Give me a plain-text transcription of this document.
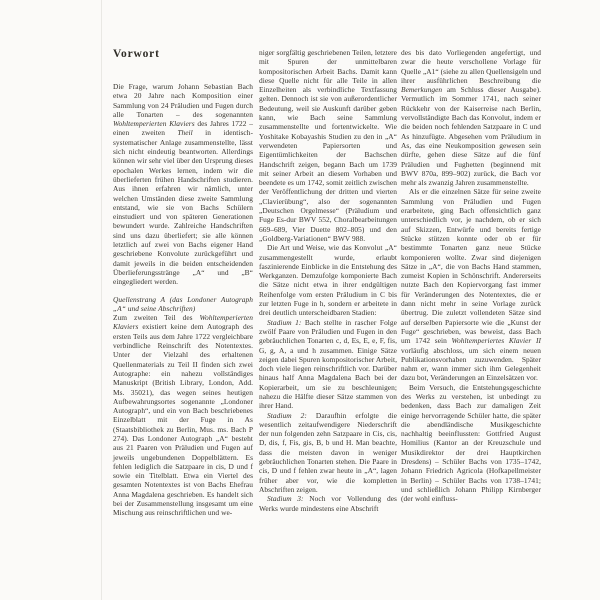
Vorwort

Die Frage, warum Johann Sebastian Bach etwa 20 Jahre nach Komposition einer Sammlung von 24 Präludien und Fugen durch alle Tonarten – des sogenannten Wohltemperierten Klaviers des Jahres 1722 – einen zweiten Theil in identisch-systematischer Anlage zusammenstellte, lässt sich nicht eindeutig beantworten. Allerdings können wir sehr viel über den Ursprung dieses epochalen Werkes lernen, indem wir die überlieferten frühen Handschriften studieren. Aus ihnen erfahren wir nämlich, unter welchen Umständen diese zweite Sammlung entstand, wie sie von Bachs Schülern einstudiert und von späteren Generationen bewundert wurde. Zahlreiche Handschriften sind uns dazu überliefert; sie alle können letztlich auf zwei von Bachs eigener Hand geschriebene Konvolute zurückgeführt und damit jeweils in die beiden entscheidenden Überlieferungsstränge „A“ und „B“ eingegliedert werden.

Quellenstrang A (das Londoner Autograph „A“ und seine Abschriften)

Zum zweiten Teil des Wohltemperierten Klaviers existiert keine dem Autograph des ersten Teils aus dem Jahre 1722 vergleichbare verbindliche Reinschrift des Notentextes. Unter der Vielzahl des erhaltenen Quellenmaterials zu Teil II finden sich zwei Autographe: ein nahezu vollständiges Manuskript (British Library, London, Add. Ms. 35021), das wegen seines heutigen Aufbewahrungsortes sogenannte „Londoner Autograph“, und ein von Bach beschriebenes Einzelblatt mit der Fuge in As (Staatsbibliothek zu Berlin, Mus. ms. Bach P 274). Das Londoner Autograph „A“ besteht aus 21 Paaren von Präludien und Fugen auf jeweils ungebundenen Doppelblättern. Es fehlen lediglich die Satzpaare in cis, D und f sowie ein Titelblatt. Etwa ein Viertel des gesamten Notentextes ist von Bachs Ehefrau Anna Magdalena geschrieben. Es handelt sich bei der Zusammenstellung insgesamt um eine Mischung aus reinschriftlichen und we-

niger sorgfältig geschriebenen Teilen, letztere mit Spuren der unmittelbaren kompositorischen Arbeit Bachs. Damit kann diese Quelle nicht für alle Teile in allen Einzelheiten als verbindliche Textfassung gelten. Dennoch ist sie von außerordentlicher Bedeutung, weil sie Auskunft darüber geben kann, wie Bach seine Sammlung zusammenstellte und fortentwickelte. Wie Yoshitake Kobayashis Studien zu den in „A“ verwendeten Papiersorten und Eigentümlichkeiten der Bachschen Handschrift zeigen, begann Bach um 1739 mit seiner Arbeit an diesem Vorhaben und beendete es um 1742, somit zeitlich zwischen der Veröffentlichung der dritten und vierten „Clavierübung“, also der sogenannten „Deutschen Orgelmesse“ (Präludium und Fuge Es-dur BWV 552, Choralbearbeitungen 669–689, Vier Duette 802–805) und den „Goldberg-Variationen“ BWV 988.

Die Art und Weise, wie das Konvolut „A“ zusammengestellt wurde, erlaubt faszinierende Einblicke in die Entstehung des Werkganzen. Demzufolge komponierte Bach die Sätze nicht etwa in ihrer endgültigen Reihenfolge vom ersten Präludium in C bis zur letzten Fuge in h, sondern er arbeitete in drei deutlich unterscheidbaren Stadien:

Stadium 1: Bach stellte in rascher Folge zwölf Paare von Präludien und Fugen in den gebräuchlichen Tonarten c, d, Es, E, e, F, fis, G, g, A, a und h zusammen. Einige Sätze zeigen dabei Spuren kompositorischer Arbeit, doch viele liegen reinschriftlich vor. Darüber hinaus half Anna Magdalena Bach bei der Kopierarbeit, um sie zu beschleunigen; nahezu die Hälfte dieser Sätze stammen von ihrer Hand.

Stadium 2: Daraufhin erfolgte die wesentlich zeitaufwendigere Niederschrift der nun folgenden zehn Satzpaare in Cis, cis, D, dis, f, Fis, gis, B, b und H. Man beachte, dass die meisten davon in weniger gebräuchlichen Tonarten stehen. Die Paare in cis, D und f fehlen zwar heute in „A“, lagen früher aber vor, wie die kompletten Abschriften zeigen.

Stadium 3: Noch vor Vollendung des Werks wurde mindestens eine Abschrift

des bis dato Vorliegenden angefertigt, und zwar die heute verschollene Vorlage für Quelle „A1“ (siehe zu allen Quellensigeln und ihrer ausführlichen Beschreibung die Bemerkungen am Schluss dieser Ausgabe). Vermutlich im Sommer 1741, nach seiner Rückkehr von der Kaiserreise nach Berlin, vervollständigte Bach das Konvolut, indem er die beiden noch fehlenden Satzpaare in C und As hinzufügte. Abgesehen vom Präludium in As, das eine Neukomposition gewesen sein dürfte, gehen diese Sätze auf die fünf Präludien und Fughetten (beginnend mit BWV 870a, 899–902) zurück, die Bach vor mehr als zwanzig Jahren zusammenstellte.

Als er die einzelnen Sätze für seine zweite Sammlung von Präludien und Fugen erarbeitete, ging Bach offensichtlich ganz unterschiedlich vor, je nachdem, ob er sich auf Skizzen, Entwürfe und bereits fertige Stücke stützen konnte oder ob er für bestimmte Tonarten ganz neue Stücke komponieren wollte. Zwar sind diejenigen Sätze in „A“, die von Bachs Hand stammen, zumeist Kopien in Schönschrift. Andererseits nutzte Bach den Kopiervorgang fast immer für Veränderungen des Notentextes, die er dann nicht mehr in seine Vorlage zurück übertrug. Die zuletzt vollendeten Sätze sind auf derselben Papiersorte wie die „Kunst der Fuge“ geschrieben, was beweist, dass Bach um 1742 sein Wohltemperiertes Klavier II vorläufig abschloss, um sich einem neuen Publikationsvorhaben zuzuwenden. Später nahm er, wann immer sich ihm Gelegenheit dazu bot, Veränderungen an Einzelsätzen vor.

Beim Versuch, die Entstehungsgeschichte des Werks zu verstehen, ist unbedingt zu bedenken, dass Bach zur damaligen Zeit einige hervorragende Schüler hatte, die später die abendländische Musikgeschichte nachhaltig beeinflussten: Gottfried August Homilius (Kantor an der Kreuzschule und Musikdirektor der drei Hauptkirchen Dresdens) – Schüler Bachs von 1735–1742, Johann Friedrich Agricola (Hofkapellmeister in Berlin) – Schüler Bachs von 1738–1741; und schließlich Johann Philipp Kirnberger (der wohl einfluss-
